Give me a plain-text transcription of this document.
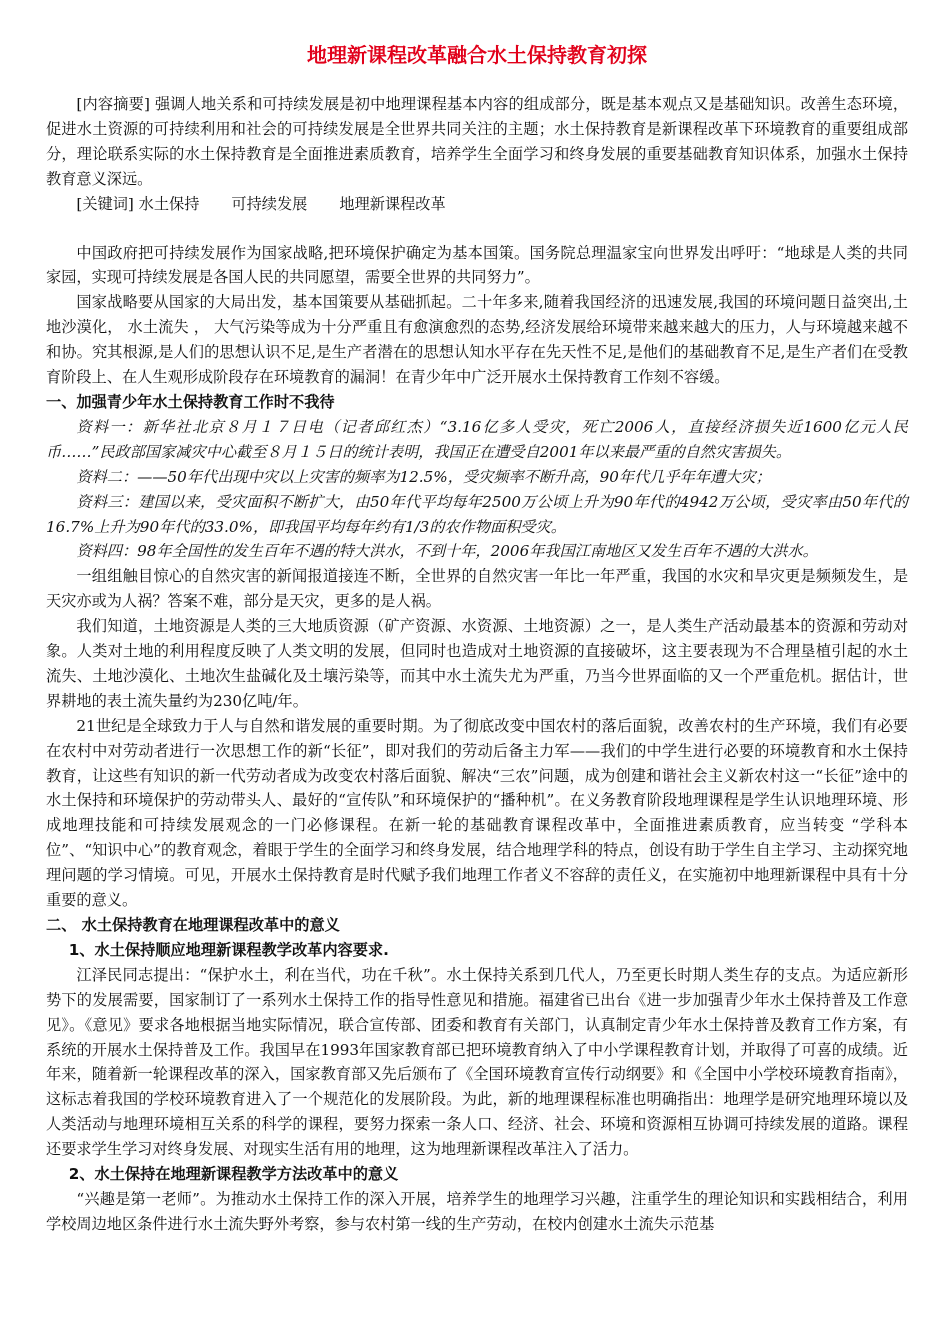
地理新课程改革融合水土保持教育初探

[内容摘要] 强调人地关系和可持续发展是初中地理课程基本内容的组成部分，既是基本观点又是基础知识。改善生态环境，促进水土资源的可持续利用和社会的可持续发展是全世界共同关注的主题；水土保持教育是新课程改革下环境教育的重要组成部分，理论联系实际的水土保持教育是全面推进素质教育，培养学生全面学习和终身发展的重要基础教育知识体系，加强水土保持教育意义深远。

[关键词] 水土保持 可持续发展 地理新课程改革

中国政府把可持续发展作为国家战略,把环境保护确定为基本国策。国务院总理温家宝向世界发出呼吁：“地球是人类的共同家园，实现可持续发展是各国人民的共同愿望，需要全世界的共同努力”。

国家战略要从国家的大局出发，基本国策要从基础抓起。二十年多来,随着我国经济的迅速发展,我国的环境问题日益突出,土地沙漠化， 水土流失 ， 大气污染等成为十分严重且有愈演愈烈的态势,经济发展给环境带来越来越大的压力，人与环境越来越不和协。究其根源,是人们的思想认识不足,是生产者潜在的思想认知水平存在先天性不足,是他们的基础教育不足,是生产者们在受教育阶段上、在人生观形成阶段存在环境教育的漏洞！在青少年中广泛开展水土保持教育工作刻不容缓。

一、加强青少年水土保持教育工作时不我待

资料一：新华社北京８月１７日电（记者邱红杰）“3.16亿多人受灾，死亡2006人，直接经济损失近1600亿元人民币……”民政部国家减灾中心截至８月１５日的统计表明，我国正在遭受自2001年以来最严重的自然灾害损失。

资料二：——50年代出现中灾以上灾害的频率为12.5%，受灾频率不断升高，90年代几乎年年遭大灾；

资料三：建国以来，受灾面积不断扩大，由50年代平均每年2500万公顷上升为90年代的4942万公顷，受灾率由50年代的16.7%上升为90年代的33.0%，即我国平均每年约有1/3的农作物面积受灾。

资料四：98年全国性的发生百年不遇的特大洪水，不到十年，2006年我国江南地区又发生百年不遇的大洪水。

一组组触目惊心的自然灾害的新闻报道接连不断，全世界的自然灾害一年比一年严重，我国的水灾和旱灾更是频频发生，是天灾亦或为人祸？答案不难，部分是天灾，更多的是人祸。

我们知道，土地资源是人类的三大地质资源（矿产资源、水资源、土地资源）之一，是人类生产活动最基本的资源和劳动对象。人类对土地的利用程度反映了人类文明的发展，但同时也造成对土地资源的直接破坏，这主要表现为不合理垦植引起的水土流失、土地沙漠化、土地次生盐碱化及土壤污染等，而其中水土流失尤为严重，乃当今世界面临的又一个严重危机。据估计，世界耕地的表土流失量约为230亿吨/年。

21世纪是全球致力于人与自然和谐发展的重要时期。为了彻底改变中国农村的落后面貌，改善农村的生产环境，我们有必要在农村中对劳动者进行一次思想工作的新“长征”，即对我们的劳动后备主力军——我们的中学生进行必要的环境教育和水土保持教育，让这些有知识的新一代劳动者成为改变农村落后面貌、解决“三农”问题，成为创建和谐社会主义新农村这一“长征”途中的水土保持和环境保护的劳动带头人、最好的“宣传队”和环境保护的“播种机”。在义务教育阶段地理课程是学生认识地理环境、形成地理技能和可持续发展观念的一门必修课程。在新一轮的基础教育课程改革中，全面推进素质教育，应当转变 “学科本位”、“知识中心”的教育观念，着眼于学生的全面学习和终身发展，结合地理学科的特点，创设有助于学生自主学习、主动探究地理问题的学习情境。可见，开展水土保持教育是时代赋予我们地理工作者义不容辞的责任义，在实施初中地理新课程中具有十分重要的意义。

二、 水土保持教育在地理课程改革中的意义
1、水土保持顺应地理新课程教学改革内容要求.

江泽民同志提出：“保护水土，利在当代，功在千秋”。水土保持关系到几代人，乃至更长时期人类生存的支点。为适应新形势下的发展需要，国家制订了一系列水土保持工作的指导性意见和措施。福建省已出台《进一步加强青少年水土保持普及工作意见》。《意见》要求各地根据当地实际情况，联合宣传部、团委和教育有关部门，认真制定青少年水土保持普及教育工作方案，有系统的开展水土保持普及工作。我国早在1993年国家教育部已把环境教育纳入了中小学课程教育计划，并取得了可喜的成绩。近年来，随着新一轮课程改革的深入，国家教育部又先后颁布了《全国环境教育宣传行动纲要》和《全国中小学校环境教育指南》，这标志着我国的学校环境教育进入了一个规范化的发展阶段。为此，新的地理课程标准也明确指出：地理学是研究地理环境以及人类活动与地理环境相互关系的科学的课程，要努力探索一条人口、经济、社会、环境和资源相互协调可持续发展的道路。课程还要求学生学习对终身发展、对现实生活有用的地理，这为地理新课程改革注入了活力。

2、水土保持在地理新课程教学方法改革中的意义

“兴趣是第一老师”。为推动水土保持工作的深入开展，培养学生的地理学习兴趣，注重学生的理论知识和实践相结合，利用学校周边地区条件进行水土流失野外考察，参与农村第一线的生产劳动，在校内创建水土流失示范基
